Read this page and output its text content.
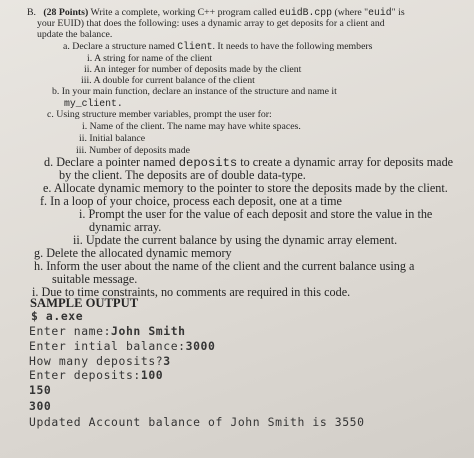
B. (28 Points) Write a complete, working C++ program called euidB.cpp (where "euid" is
your EUID) that does the following: uses a dynamic array to get deposits for a client and
update the balance.
a. Declare a structure named Client. It needs to have the following members
i. A string for name of the client
ii. An integer for number of deposits made by the client
iii. A double for current balance of the client
b. In your main function, declare an instance of the structure and name it
my_client.
c. Using structure member variables, prompt the user for:
i. Name of the client. The name may have white spaces.
ii. Initial balance
iii. Number of deposits made
d. Declare a pointer named deposits to create a dynamic array for deposits made
by the client. The deposits are of double data-type.
e. Allocate dynamic memory to the pointer to store the deposits made by the client.
f. In a loop of your choice, process each deposit, one at a time
i. Prompt the user for the value of each deposit and store the value in the
dynamic array.
ii. Update the current balance by using the dynamic array element.
g. Delete the allocated dynamic memory
h. Inform the user about the name of the client and the current balance using a
suitable message.
i. Due to time constraints, no comments are required in this code.
SAMPLE OUTPUT
$ a.exe
Enter name:John Smith
Enter intial balance:3000
How many deposits?3
Enter deposits:100
150
300
Updated Account balance of John Smith is 3550
